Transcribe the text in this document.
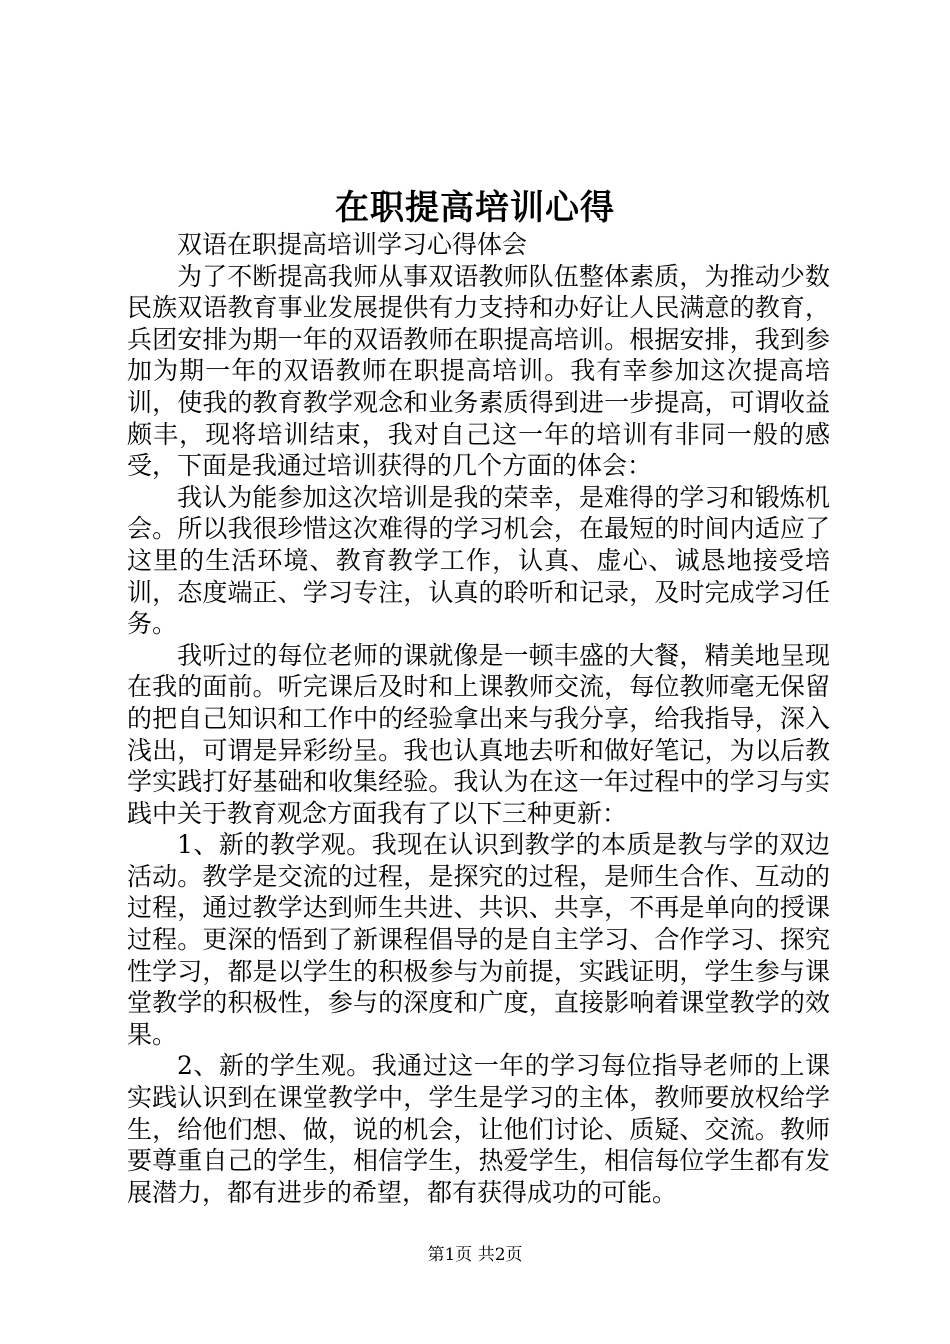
在职提高培训心得

双语在职提高培训学习心得体会

为了不断提高我师从事双语教师队伍整体素质，为推动少数民族双语教育事业发展提供有力支持和办好让人民满意的教育，兵团安排为期一年的双语教师在职提高培训。根据安排，我到参加为期一年的双语教师在职提高培训。我有幸参加这次提高培训，使我的教育教学观念和业务素质得到进一步提高，可谓收益颇丰，现将培训结束，我对自己这一年的培训有非同一般的感受，下面是我通过培训获得的几个方面的体会：

我认为能参加这次培训是我的荣幸，是难得的学习和锻炼机会。所以我很珍惜这次难得的学习机会，在最短的时间内适应了这里的生活环境、教育教学工作，认真、虚心、诚恳地接受培训，态度端正、学习专注，认真的聆听和记录，及时完成学习任务。

我听过的每位老师的课就像是一顿丰盛的大餐，精美地呈现在我的面前。听完课后及时和上课教师交流，每位教师毫无保留的把自己知识和工作中的经验拿出来与我分享，给我指导，深入浅出，可谓是异彩纷呈。我也认真地去听和做好笔记，为以后教学实践打好基础和收集经验。我认为在这一年过程中的学习与实践中关于教育观念方面我有了以下三种更新：

1、新的教学观。我现在认识到教学的本质是教与学的双边活动。教学是交流的过程，是探究的过程，是师生合作、互动的过程，通过教学达到师生共进、共识、共享，不再是单向的授课过程。更深的悟到了新课程倡导的是自主学习、合作学习、探究性学习，都是以学生的积极参与为前提，实践证明，学生参与课堂教学的积极性，参与的深度和广度，直接影响着课堂教学的效果。

2、新的学生观。我通过这一年的学习每位指导老师的上课实践认识到在课堂教学中，学生是学习的主体，教师要放权给学生，给他们想、做，说的机会，让他们讨论、质疑、交流。教师要尊重自己的学生，相信学生，热爱学生，相信每位学生都有发展潜力，都有进步的希望，都有获得成功的可能。

第1页 共2页
